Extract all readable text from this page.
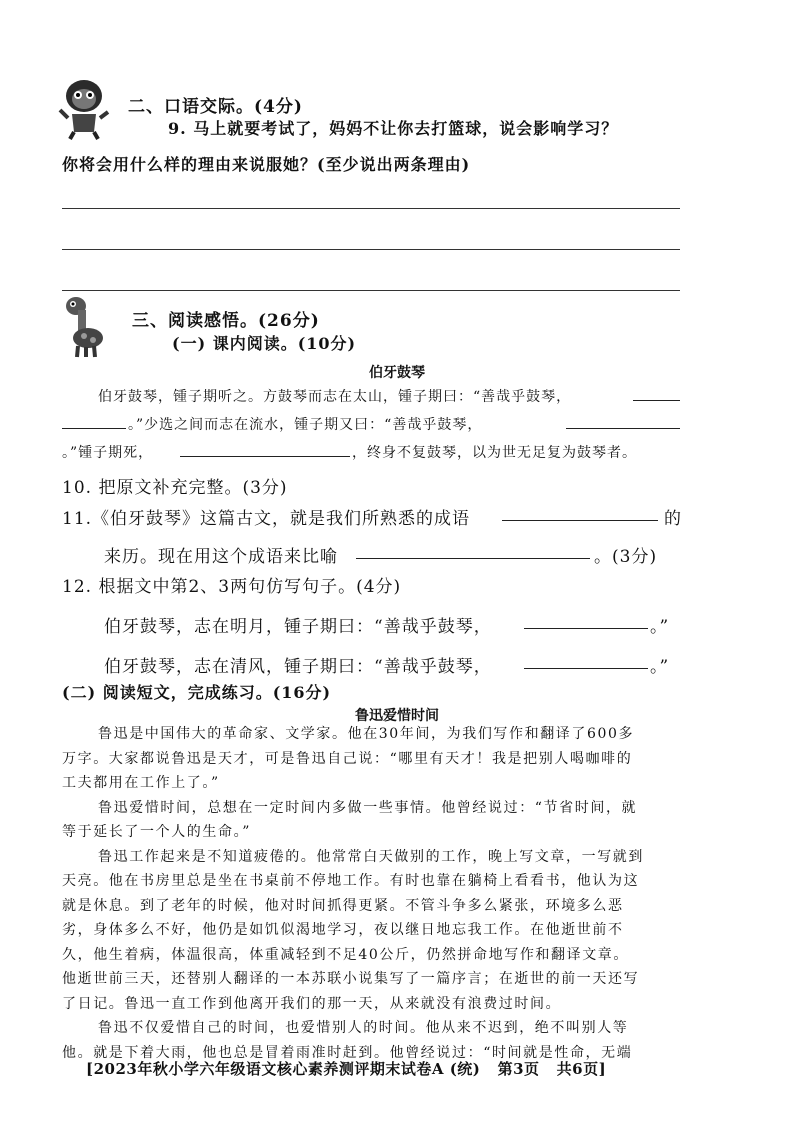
二、口语交际。(4分)
9. 马上就要考试了，妈妈不让你去打篮球，说会影响学习？
你将会用什么样的理由来说服她？(至少说出两条理由)
三、阅读感悟。(26分)
(一) 课内阅读。(10分)
伯牙鼓琴
伯牙鼓琴，锺子期听之。方鼓琴而志在太山，锺子期曰：“善哉乎鼓琴，
。”少选之间而志在流水，锺子期又曰：“善哉乎鼓琴，
。”锺子期死，	，终身不复鼓琴，以为世无足复为鼓琴者。
10. 把原文补充完整。(3分)
11.《伯牙鼓琴》这篇古文，就是我们所熟悉的成语	的
来历。现在用这个成语来比喻	。(3分)
12. 根据文中第2、3两句仿写句子。(4分)
伯牙鼓琴，志在明月，锺子期曰：“善哉乎鼓琴，	。”
伯牙鼓琴，志在清风，锺子期曰：“善哉乎鼓琴，	。”
(二) 阅读短文，完成练习。(16分)
鲁迅爱惜时间
鲁迅是中国伟大的革命家、文学家。他在30年间，为我们写作和翻译了600多
万字。大家都说鲁迅是天才，可是鲁迅自己说：“哪里有天才！我是把别人喝咖啡的
工夫都用在工作上了。”
鲁迅爱惜时间，总想在一定时间内多做一些事情。他曾经说过：“节省时间，就
等于延长了一个人的生命。”
鲁迅工作起来是不知道疲倦的。他常常白天做别的工作，晚上写文章，一写就到
天亮。他在书房里总是坐在书桌前不停地工作。有时也靠在躺椅上看看书，他认为这
就是休息。到了老年的时候，他对时间抓得更紧。不管斗争多么紧张，环境多么恶
劣，身体多么不好，他仍是如饥似渴地学习，夜以继日地忘我工作。在他逝世前不
久，他生着病，体温很高，体重减轻到不足40公斤，仍然拼命地写作和翻译文章。
他逝世前三天，还替别人翻译的一本苏联小说集写了一篇序言；在逝世的前一天还写
了日记。鲁迅一直工作到他离开我们的那一天，从来就没有浪费过时间。
鲁迅不仅爱惜自己的时间，也爱惜别人的时间。他从来不迟到，绝不叫别人等
他。就是下着大雨，他也总是冒着雨准时赶到。他曾经说过：“时间就是性命，无端
[2023年秋小学六年级语文核心素养测评期末试卷A (统)   第3页   共6页]
